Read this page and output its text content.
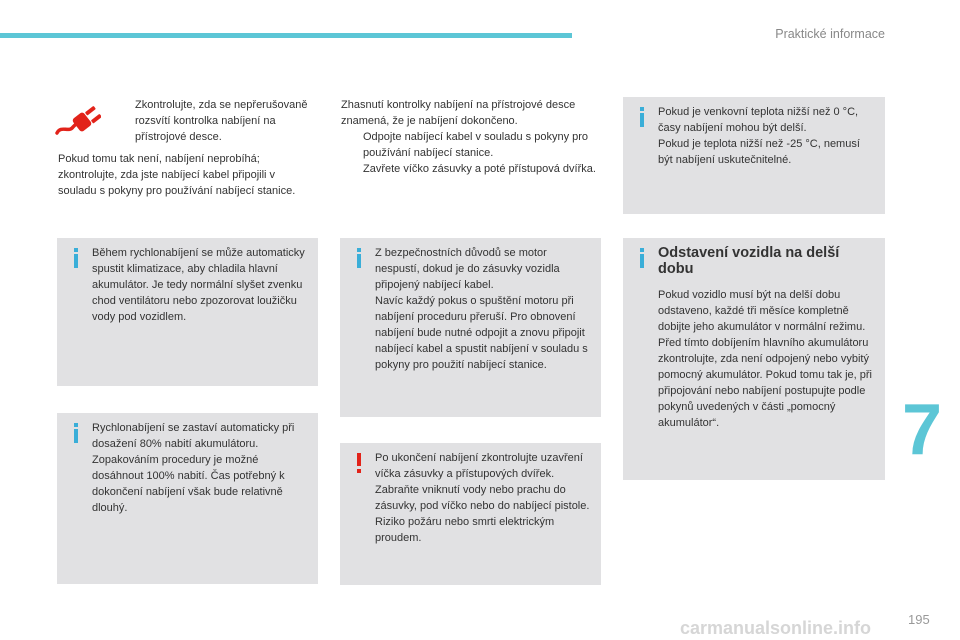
Praktické informace
Zkontrolujte, zda se nepřerušovaně rozsvítí kontrolka nabíjení na přístrojové desce.
Pokud tomu tak není, nabíjení neprobíhá; zkontrolujte, zda jste nabíjecí kabel připojili v souladu s pokyny pro používání nabíjecí stanice.
Během rychlonabíjení se může automaticky spustit klimatizace, aby chladila hlavní akumulátor. Je tedy normální slyšet zvenku chod ventilátoru nebo zpozorovat loužičku vody pod vozidlem.
Rychlonabíjení se zastaví automaticky při dosažení 80% nabití akumulátoru. Zopakováním procedury je možné dosáhnout 100% nabití. Čas potřebný k dokončení nabíjení však bude relativně dlouhý.
Zhasnutí kontrolky nabíjení na přístrojové desce znamená, že je nabíjení dokončeno.
Odpojte nabíjecí kabel v souladu s pokyny pro používání nabíjecí stanice.
Zavřete víčko zásuvky a poté přístupová dvířka.
Z bezpečnostních důvodů se motor nespustí, dokud je do zásuvky vozidla připojený nabíjecí kabel.
Navíc každý pokus o spuštění motoru při nabíjení proceduru přeruší. Pro obnovení nabíjení bude nutné odpojit a znovu připojit nabíjecí kabel a spustit nabíjení v souladu s pokyny pro použití nabíjecí stanice.
Po ukončení nabíjení zkontrolujte uzavření víčka zásuvky a přístupových dvířek.
Zabraňte vniknutí vody nebo prachu do zásuvky, pod víčko nebo do nabíjecí pistole. Riziko požáru nebo smrti elektrickým proudem.
Pokud je venkovní teplota nižší než 0 °C, časy nabíjení mohou být delší.
Pokud je teplota nižší než -25 °C, nemusí být nabíjení uskutečnitelné.
Odstavení vozidla na delší dobu
Pokud vozidlo musí být na delší dobu odstaveno, každé tři měsíce kompletně dobijte jeho akumulátor v normální režimu.
Před tímto dobíjením hlavního akumulátoru zkontrolujte, zda není odpojený nebo vybitý pomocný akumulátor. Pokud tomu tak je, při připojování nebo nabíjení postupujte podle pokynů uvedených v části „pomocný akumulátor“.	7
carmanualsonline.info	195
